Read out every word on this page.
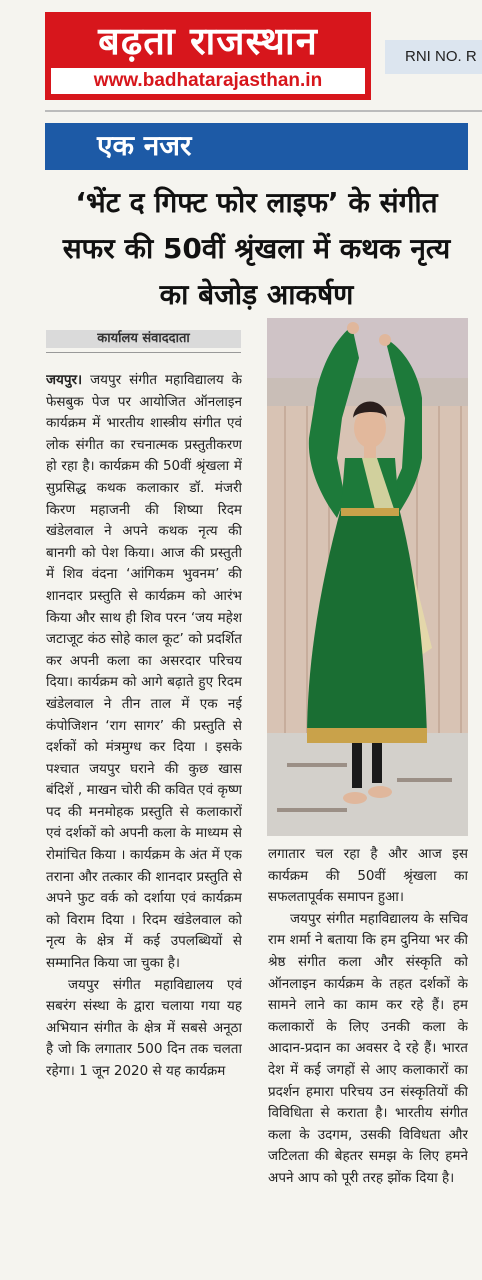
बढ़ता राजस्थान
www.badhatarajasthan.in
RNI NO. R
एक नजर
‘भेंट द गिफ्ट फोर लाइफ’ के संगीत सफर की 50वीं श्रृंखला में कथक नृत्य का बेजोड़ आकर्षण
कार्यालय संवाददाता

जयपुर। जयपुर संगीत महाविद्यालय के फेसबुक पेज पर आयोजित ऑनलाइन कार्यक्रम में भारतीय शास्त्रीय संगीत एवं लोक संगीत का रचनात्मक प्रस्तुतीकरण हो रहा है। कार्यक्रम की 50वीं श्रृंखला में सुप्रसिद्ध कथक कलाकार डॉ. मंजरी किरण महाजनी की शिष्या रिदम खंडेलवाल ने अपने कथक नृत्य की बानगी को पेश किया। आज की प्रस्तुती में शिव वंदना ‘आंगिकम भुवनम’ की शानदार प्रस्तुति से कार्यक्रम को आरंभ किया और साथ ही शिव परन ‘जय महेश जटाजूट कंठ सोहे काल कूट’ को प्रदर्शित कर अपनी कला का असरदार परिचय दिया। कार्यक्रम को आगे बढ़ाते हुए रिदम खंडेलवाल ने तीन ताल में एक नई कंपोजिशन ‘राग सागर’ की प्रस्तुति से दर्शकों को मंत्रमुग्ध कर दिया । इसके पश्चात जयपुर घराने की कुछ खास बंदिशें , माखन चोरी की कवित एवं कृष्ण पद की मनमोहक प्रस्तुति से कलाकारों एवं दर्शकों को अपनी कला के माध्यम से रोमांचित किया । कार्यक्रम के अंत में एक तराना और तत्कार की शानदार प्रस्तुति से अपने फुट वर्क को दर्शाया एवं कार्यक्रम को विराम दिया । रिदम खंडेलवाल को नृत्य के क्षेत्र में कई उपलब्धियों से सम्मानित किया जा चुका है।

जयपुर संगीत महाविद्यालय एवं सबरंग संस्था के द्वारा चलाया गया यह अभियान संगीत के क्षेत्र में सबसे अनूठा है जो कि लगातार 500 दिन तक चलता रहेगा। 1 जून 2020 से यह कार्यक्रम

लगातार चल रहा है और आज इस कार्यक्रम की 50वीं श्रृंखला का सफलतापूर्वक समापन हुआ।

जयपुर संगीत महाविद्यालय के सचिव राम शर्मा ने बताया कि हम दुनिया भर की श्रेष्ठ संगीत कला और संस्कृति को ऑनलाइन कार्यक्रम के तहत दर्शकों के सामने लाने का काम कर रहे हैं। हम कलाकारों के लिए उनकी कला के आदान-प्रदान का अवसर दे रहे हैं। भारत देश में कई जगहों से आए कलाकारों का प्रदर्शन हमारा परिचय उन संस्कृतियों की विविधिता से कराता है। भारतीय संगीत कला के उदगम, उसकी विविधता और जटिलता की बेहतर समझ के लिए हमने अपने आप को पूरी तरह झोंक दिया है।
